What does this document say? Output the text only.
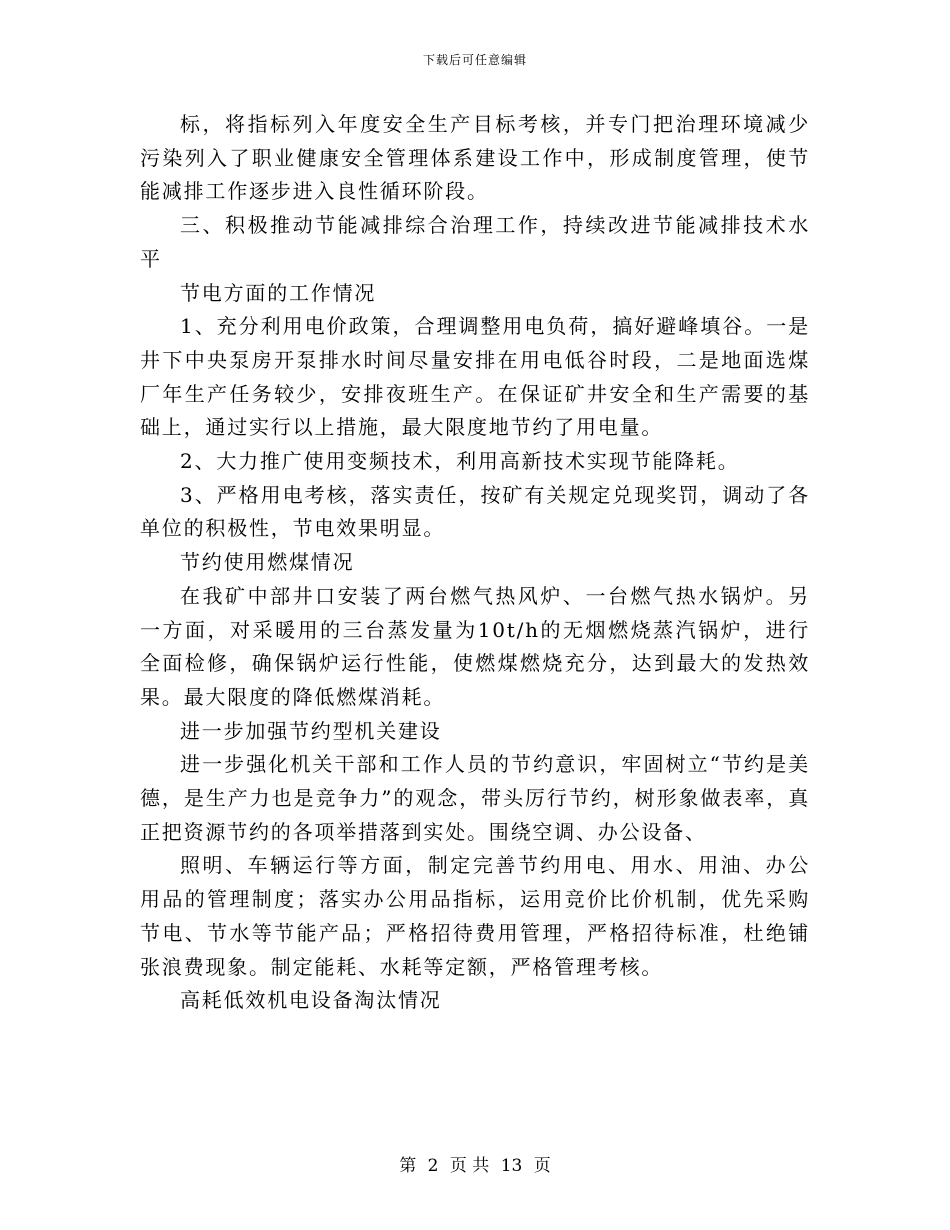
下载后可任意编辑

标，将指标列入年度安全生产目标考核，并专门把治理环境减少污染列入了职业健康安全管理体系建设工作中，形成制度管理，使节能减排工作逐步进入良性循环阶段。

三、积极推动节能减排综合治理工作，持续改进节能减排技术水平

节电方面的工作情况

1、充分利用电价政策，合理调整用电负荷，搞好避峰填谷。一是井下中央泵房开泵排水时间尽量安排在用电低谷时段，二是地面选煤厂年生产任务较少，安排夜班生产。在保证矿井安全和生产需要的基础上，通过实行以上措施，最大限度地节约了用电量。

2、大力推广使用变频技术，利用高新技术实现节能降耗。

3、严格用电考核，落实责任，按矿有关规定兑现奖罚，调动了各单位的积极性，节电效果明显。

节约使用燃煤情况

在我矿中部井口安装了两台燃气热风炉、一台燃气热水锅炉。另一方面，对采暖用的三台蒸发量为10t/h的无烟燃烧蒸汽锅炉，进行全面检修，确保锅炉运行性能，使燃煤燃烧充分，达到最大的发热效果。最大限度的降低燃煤消耗。

进一步加强节约型机关建设

进一步强化机关干部和工作人员的节约意识，牢固树立“节约是美德，是生产力也是竞争力”的观念，带头厉行节约，树形象做表率，真正把资源节约的各项举措落到实处。围绕空调、办公设备、

照明、车辆运行等方面，制定完善节约用电、用水、用油、办公用品的管理制度；落实办公用品指标，运用竞价比价机制，优先采购节电、节水等节能产品；严格招待费用管理，严格招待标准，杜绝铺张浪费现象。制定能耗、水耗等定额，严格管理考核。

高耗低效机电设备淘汰情况

第 2 页 共 13 页
